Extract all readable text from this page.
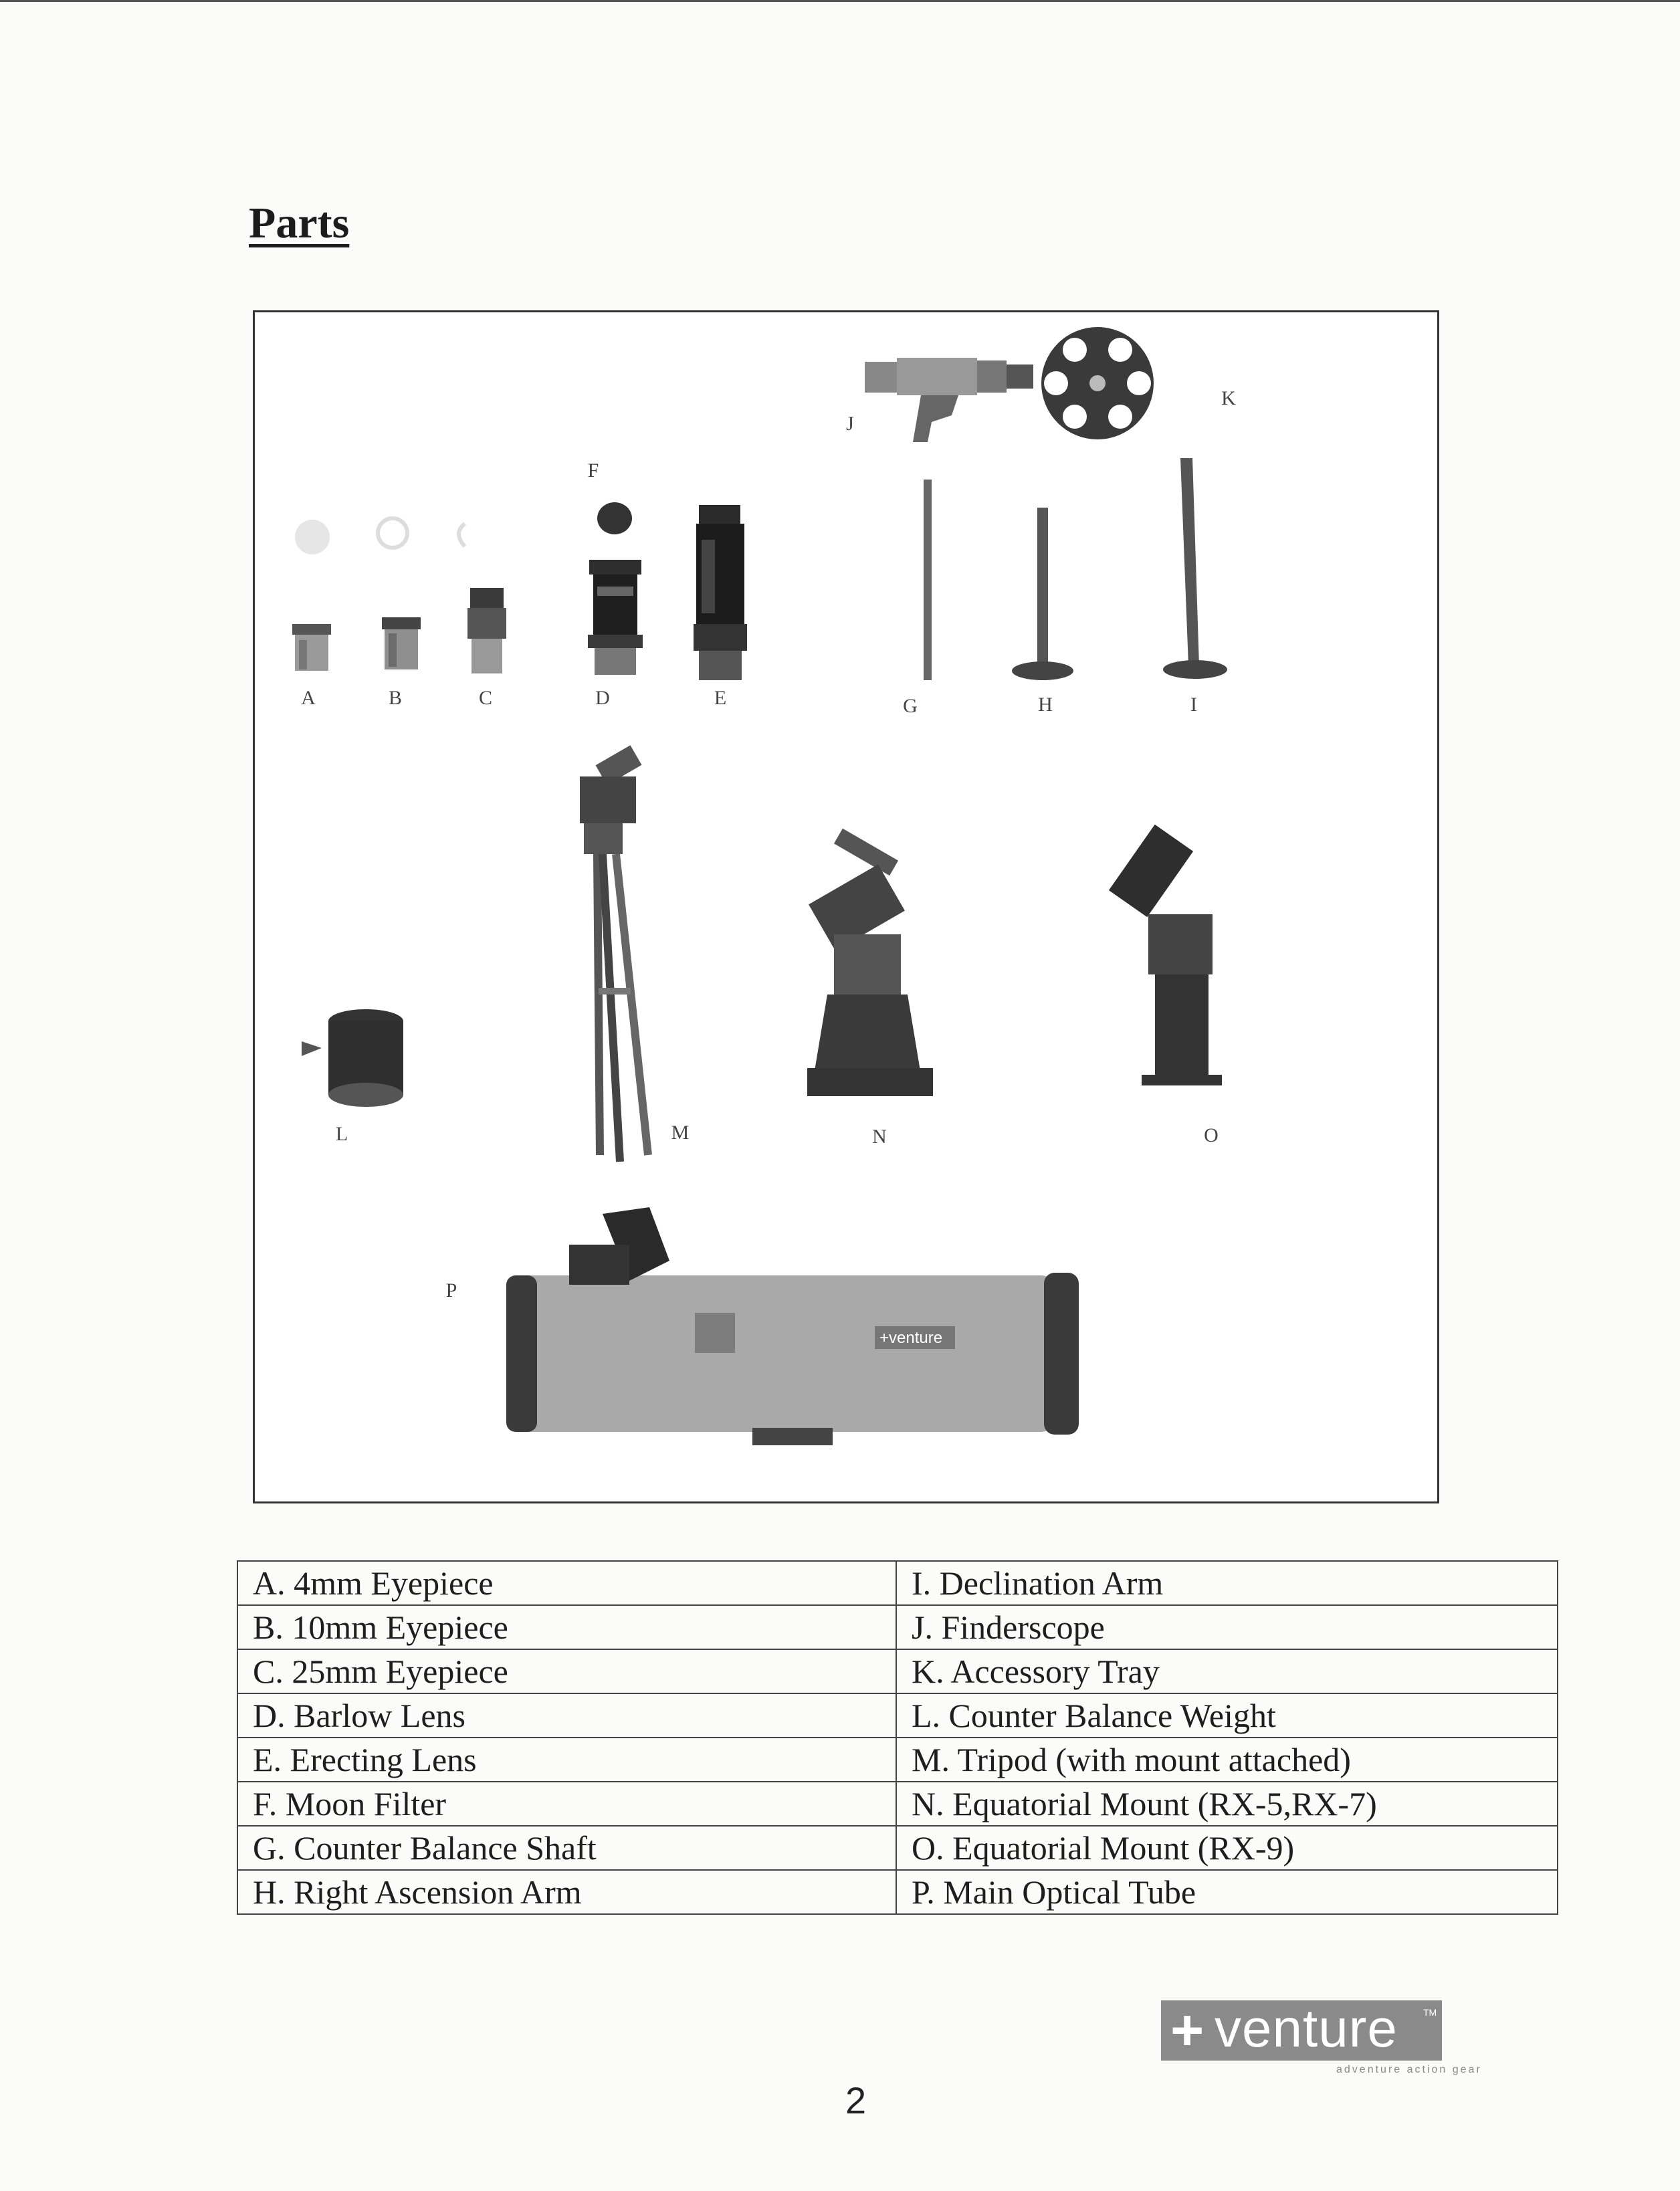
Parts
+venture
A	B	C	D	E
F
G	H	I
J
K
L	M	N	O
P
A. 4mm Eyepiece	I. Declination Arm
B. 10mm Eyepiece	J. Finderscope
C. 25mm Eyepiece	K. Accessory Tray
D. Barlow Lens	L. Counter Balance Weight
E. Erecting Lens	M. Tripod (with mount attached)
F. Moon Filter	N. Equatorial Mount (RX-5,RX-7)
G. Counter Balance Shaft	O. Equatorial Mount (RX-9)
H. Right Ascension Arm	P. Main Optical Tube
+ venture	TM
adventure action gear
2
